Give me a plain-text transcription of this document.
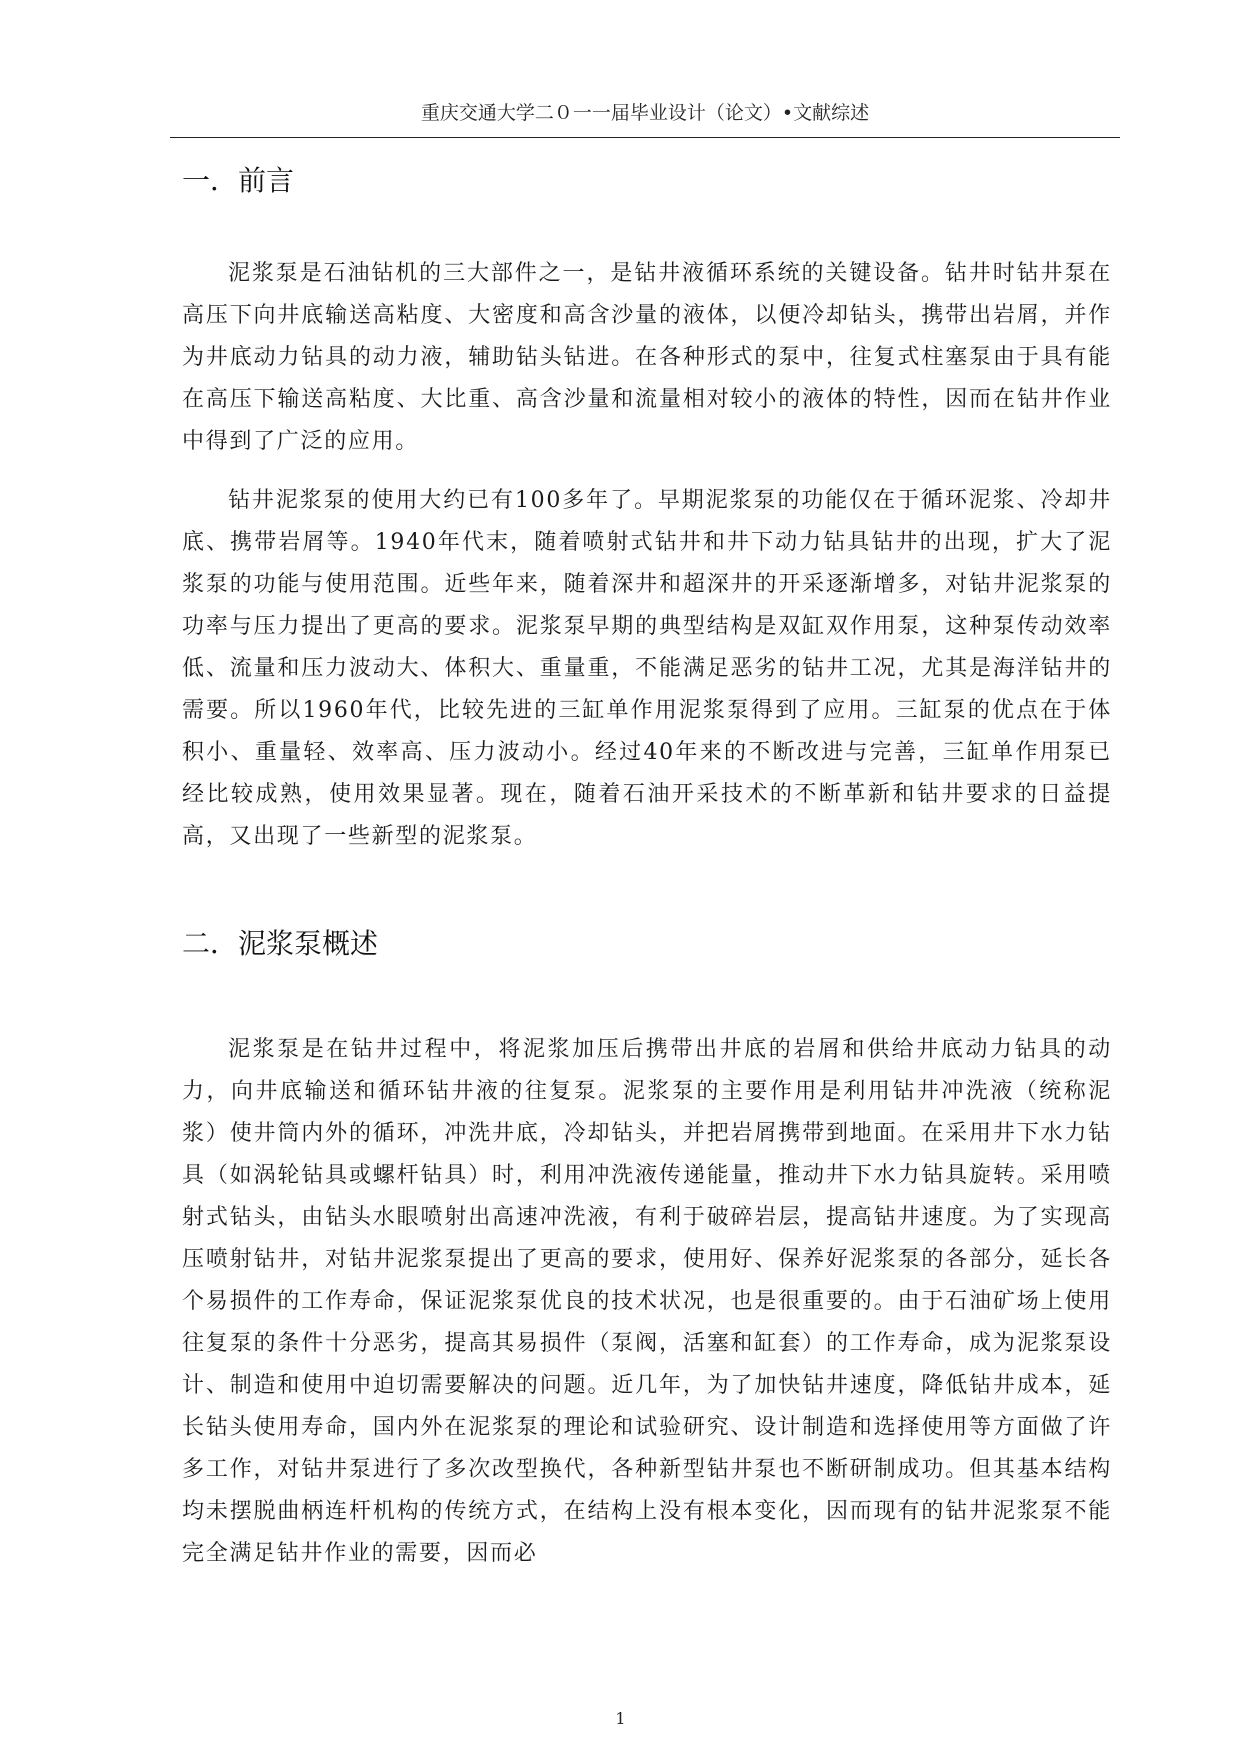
重庆交通大学二０一一届毕业设计（论文）•文献综述
一．前言

泥浆泵是石油钻机的三大部件之一，是钻井液循环系统的关键设备。钻井时钻井泵在高压下向井底输送高粘度、大密度和高含沙量的液体，以便冷却钻头，携带出岩屑，并作为井底动力钻具的动力液，辅助钻头钻进。在各种形式的泵中，往复式柱塞泵由于具有能在高压下输送高粘度、大比重、高含沙量和流量相对较小的液体的特性，因而在钻井作业中得到了广泛的应用。

钻井泥浆泵的使用大约已有100多年了。早期泥浆泵的功能仅在于循环泥浆、冷却井底、携带岩屑等。1940年代末，随着喷射式钻井和井下动力钻具钻井的出现，扩大了泥浆泵的功能与使用范围。近些年来，随着深井和超深井的开采逐渐增多，对钻井泥浆泵的功率与压力提出了更高的要求。泥浆泵早期的典型结构是双缸双作用泵，这种泵传动效率低、流量和压力波动大、体积大、重量重，不能满足恶劣的钻井工况，尤其是海洋钻井的需要。所以1960年代，比较先进的三缸单作用泥浆泵得到了应用。三缸泵的优点在于体积小、重量轻、效率高、压力波动小。经过40年来的不断改进与完善，三缸单作用泵已经比较成熟，使用效果显著。现在，随着石油开采技术的不断革新和钻井要求的日益提高，又出现了一些新型的泥浆泵。

二．泥浆泵概述

泥浆泵是在钻井过程中，将泥浆加压后携带出井底的岩屑和供给井底动力钻具的动力，向井底输送和循环钻井液的往复泵。泥浆泵的主要作用是利用钻井冲洗液（统称泥浆）使井筒内外的循环，冲洗井底，冷却钻头，并把岩屑携带到地面。在采用井下水力钻具（如涡轮钻具或螺杆钻具）时，利用冲洗液传递能量，推动井下水力钻具旋转。采用喷射式钻头，由钻头水眼喷射出高速冲洗液，有利于破碎岩层，提高钻井速度。为了实现高压喷射钻井，对钻井泥浆泵提出了更高的要求，使用好、保养好泥浆泵的各部分，延长各个易损件的工作寿命，保证泥浆泵优良的技术状况，也是很重要的。由于石油矿场上使用往复泵的条件十分恶劣，提高其易损件（泵阀，活塞和缸套）的工作寿命，成为泥浆泵设计、制造和使用中迫切需要解决的问题。近几年，为了加快钻井速度，降低钻井成本，延长钻头使用寿命，国内外在泥浆泵的理论和试验研究、设计制造和选择使用等方面做了许多工作，对钻井泵进行了多次改型换代，各种新型钻井泵也不断研制成功。但其基本结构均未摆脱曲柄连杆机构的传统方式，在结构上没有根本变化，因而现有的钻井泥浆泵不能完全满足钻井作业的需要，因而必

1
